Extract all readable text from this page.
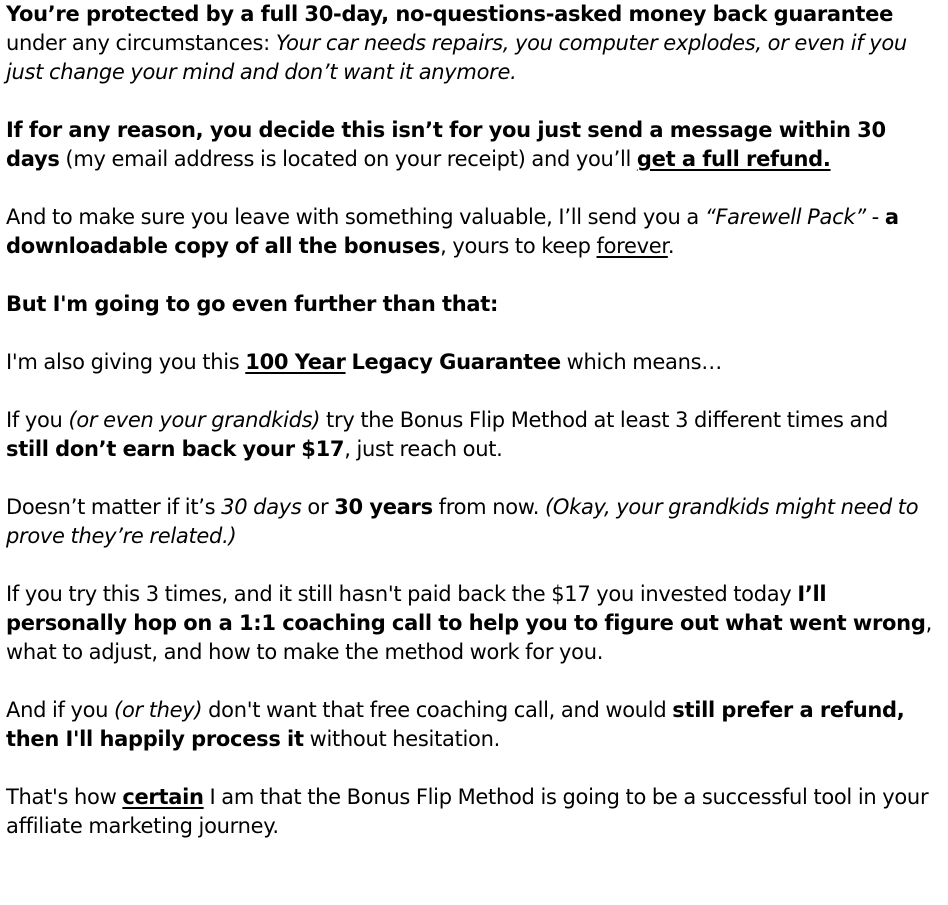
You’re protected by a full 30-day, no-questions-asked money back guarantee under any circumstances: Your car needs repairs, you computer explodes, or even if you just change your mind and don’t want it anymore.

If for any reason, you decide this isn’t for you just send a message within 30 days (my email address is located on your receipt) and you’ll get a full refund.

And to make sure you leave with something valuable, I’ll send you a “Farewell Pack” - a downloadable copy of all the bonuses, yours to keep forever.

But I'm going to go even further than that:

I'm also giving you this 100 Year Legacy Guarantee which means…

If you (or even your grandkids) try the Bonus Flip Method at least 3 different times and still don’t earn back your $17, just reach out.

Doesn’t matter if it’s 30 days or 30 years from now. (Okay, your grandkids might need to prove they’re related.)

If you try this 3 times, and it still hasn't paid back the $17 you invested today I’ll personally hop on a 1:1 coaching call to help you to figure out what went wrong, what to adjust, and how to make the method work for you.

And if you (or they) don't want that free coaching call, and would still prefer a refund, then I'll happily process it without hesitation.

That's how certain I am that the Bonus Flip Method is going to be a successful tool in your affiliate marketing journey.
